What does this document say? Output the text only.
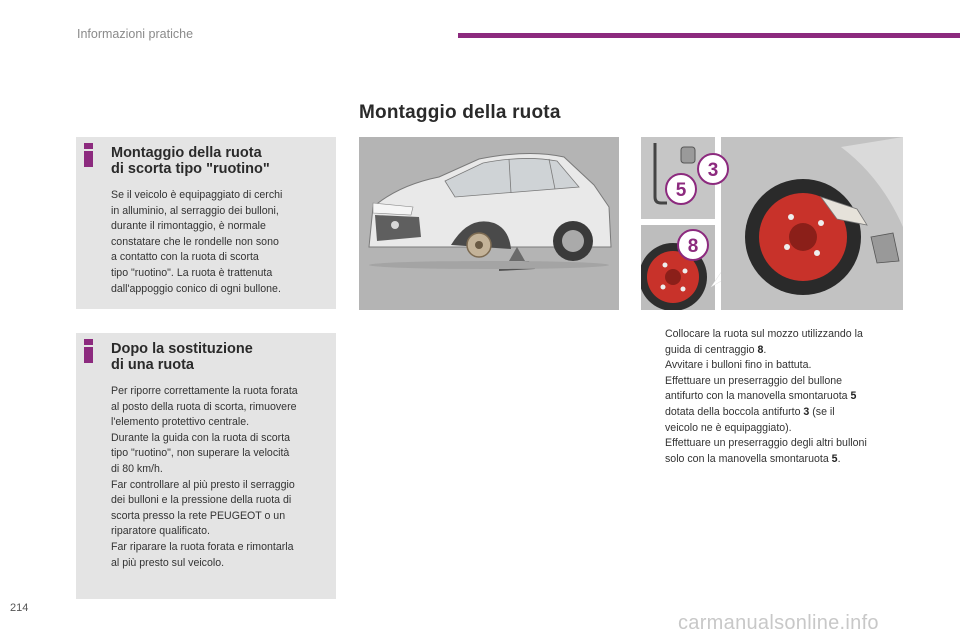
Informazioni pratiche
Montaggio della ruota
Montaggio della ruota
di scorta tipo "ruotino"
Se il veicolo è equipaggiato di cerchi
in alluminio, al serraggio dei bulloni,
durante il rimontaggio, è normale
constatare che le rondelle non sono
a contatto con la ruota di scorta
tipo "ruotino". La ruota è trattenuta
dall'appoggio conico di ogni bullone.
Dopo la sostituzione
di una ruota
Per riporre correttamente la ruota forata
al posto della ruota di scorta, rimuovere
l'elemento protettivo centrale.
Durante la guida con la ruota di scorta
tipo "ruotino", non superare la velocità
di 80 km/h.
Far controllare al più presto il serraggio
dei bulloni e la pressione della ruota di
scorta presso la rete PEUGEOT o un
riparatore qualificato.
Far riparare la ruota forata e rimontarla
al più presto sul veicolo.
3
5
8
Collocare la ruota sul mozzo utilizzando la
guida di centraggio 8.
Avvitare i bulloni fino in battuta.
Effettuare un preserraggio del bullone
antifurto con la manovella smontaruota 5
dotata della boccola antifurto 3 (se il
veicolo ne è equipaggiato).
Effettuare un preserraggio degli altri bulloni
solo con la manovella smontaruota 5.
214
carmanualsonline.info
